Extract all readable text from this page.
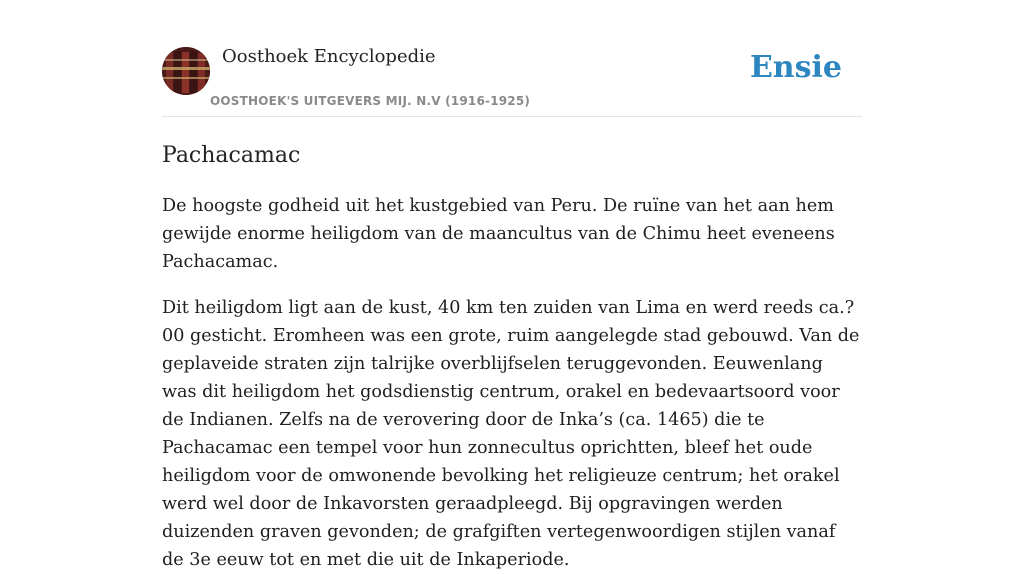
Oosthoek Encyclopedie
OOSTHOEK'S UITGEVERS MIJ. N.V (1916-1925)
Ensie
Pachacamac

De hoogste godheid uit het kustgebied van Peru. De ruïne van het aan hem gewijde enorme heiligdom van de maancultus van de Chimu heet eveneens Pachacamac.

Dit heiligdom ligt aan de kust, 40 km ten zuiden van Lima en werd reeds ca.?00 gesticht. Eromheen was een grote, ruim aangelegde stad gebouwd. Van de geplaveide straten zijn talrijke overblijfselen teruggevonden. Eeuwenlang was dit heiligdom het godsdienstig centrum, orakel en bedevaartsoord voor de Indianen. Zelfs na de verovering door de Inka’s (ca. 1465) die te Pachacamac een tempel voor hun zonnecultus oprichtten, bleef het oude heiligdom voor de omwonende bevolking het religieuze centrum; het orakel werd wel door de Inkavorsten geraadpleegd. Bij opgravingen werden duizenden graven gevonden; de grafgiften vertegenwoordigen stijlen vanaf de 3e eeuw tot en met die uit de Inkaperiode.
